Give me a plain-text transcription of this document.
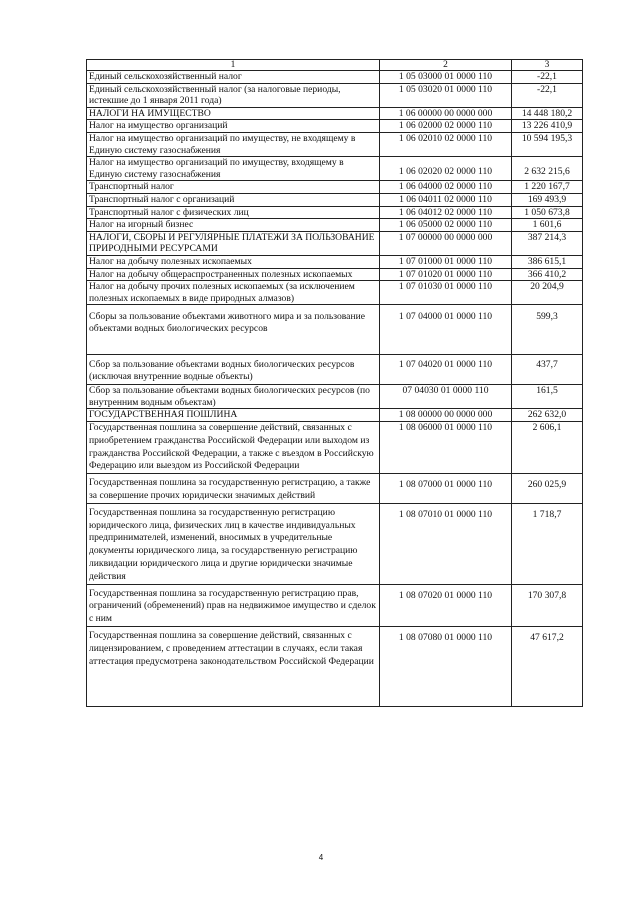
1	2	3
Единый сельскохозяйственный налог	1 05 03000 01 0000 110	-22,1
Единый сельскохозяйственный налог (за налоговые периоды, истекшие до 1 января 2011 года)	1 05 03020 01 0000 110	-22,1
НАЛОГИ НА ИМУЩЕСТВО	1 06 00000 00 0000 000	14 448 180,2
Налог на имущество организаций	1 06 02000 02 0000 110	13 226 410,9
Налог на имущество организаций по имуществу, не входящему в Единую систему газоснабжения	1 06 02010 02 0000 110	10 594 195,3
Налог на имущество организаций по имуществу, входящему в Единую систему газоснабжения	1 06 02020 02 0000 110	2 632 215,6
Транспортный налог	1 06 04000 02 0000 110	1 220 167,7
Транспортный налог с организаций	1 06 04011 02 0000 110	169 493,9
Транспортный налог с физических лиц	1 06 04012 02 0000 110	1 050 673,8
Налог на игорный бизнес	1 06 05000 02 0000 110	1 601,6
НАЛОГИ, СБОРЫ И РЕГУЛЯРНЫЕ ПЛАТЕЖИ ЗА ПОЛЬЗОВАНИЕ ПРИРОДНЫМИ РЕСУРСАМИ	1 07 00000 00 0000 000	387 214,3
Налог на добычу полезных ископаемых	1 07 01000 01 0000 110	386 615,1
Налог на добычу общераспространенных полезных ископаемых	1 07 01020 01 0000 110	366 410,2
Налог на добычу прочих полезных ископаемых (за исключением полезных ископаемых в виде природных алмазов)	1 07 01030 01 0000 110	20 204,9
Сборы за пользование объектами животного мира и за пользование объектами водных биологических ресурсов	1 07 04000 01 0000 110	599,3
Сбор за пользование объектами водных биологических ресурсов (исключая внутренние водные объекты)	1 07 04020 01 0000 110	437,7
Сбор за пользование объектами водных биологических ресурсов (по внутренним водным объектам)	07 04030 01 0000 110	161,5
ГОСУДАРСТВЕННАЯ ПОШЛИНА	1 08 00000 00 0000 000	262 632,0
Государственная пошлина за совершение действий, связанных с приобретением гражданства Российской Федерации или выходом из гражданства Российской Федерации, а также с въездом в Российскую Федерацию или выездом из Российской Федерации	1 08 06000 01 0000 110	2 606,1
Государственная пошлина за государственную регистрацию, а также за совершение прочих юридически значимых действий	1 08 07000 01 0000 110	260 025,9
Государственная пошлина за государственную регистрацию юридического лица, физических лиц в качестве индивидуальных предпринимателей, изменений, вносимых в учредительные документы юридического лица, за государственную регистрацию ликвидации юридического лица и другие юридически значимые действия	1 08 07010 01 0000 110	1 718,7
Государственная пошлина за государственную регистрацию прав, ограничений (обременений) прав на недвижимое имущество и сделок с ним	1 08 07020 01 0000 110	170 307,8
Государственная пошлина за совершение действий, связанных с лицензированием, с проведением аттестации в случаях, если такая аттестация предусмотрена законодательством Российской Федерации	1 08 07080 01 0000 110	47 617,2
4
